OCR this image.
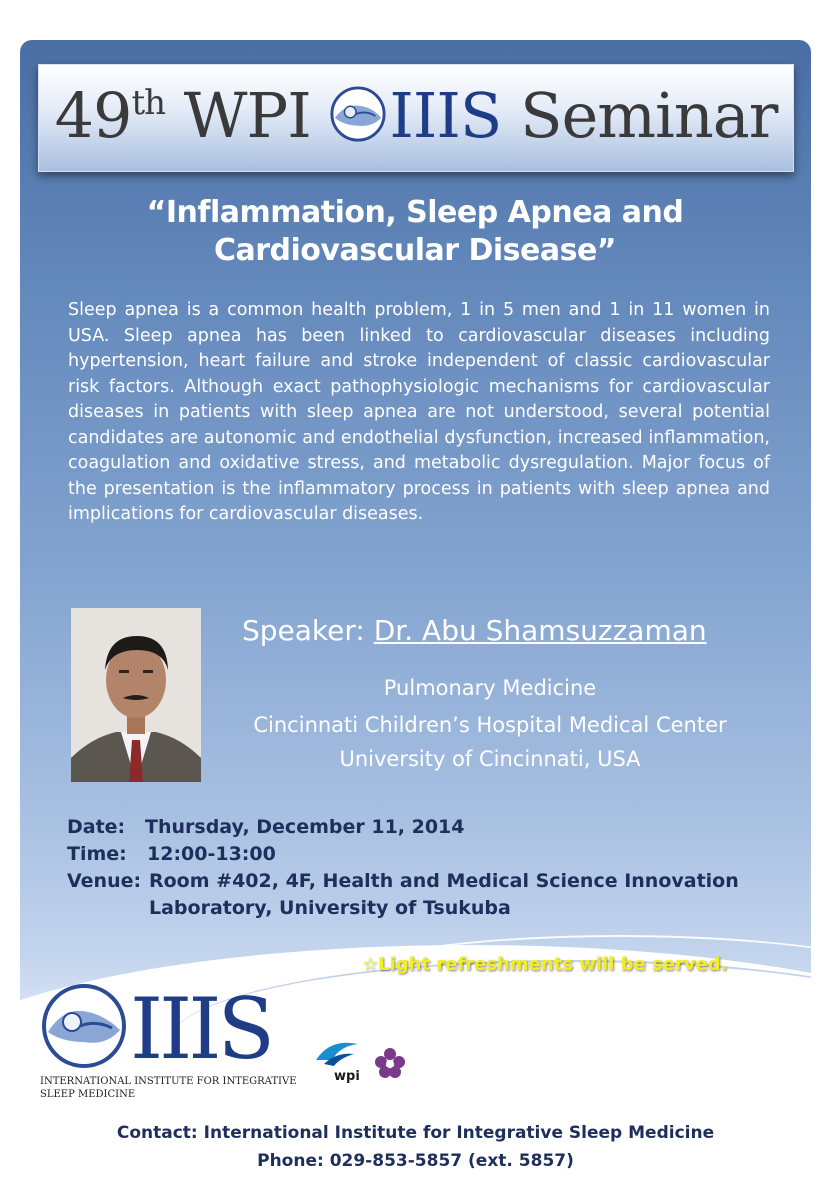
49th WPI IIIS Seminar
“Inflammation, Sleep Apnea and
Cardiovascular Disease”
Sleep apnea is a common health problem, 1 in 5 men and 1 in 11 women in USA. Sleep apnea has been linked to cardiovascular diseases including hypertension, heart failure and stroke independent of classic cardiovascular risk factors. Although exact pathophysiologic mechanisms for cardiovascular diseases in patients with sleep apnea are not understood, several potential candidates are autonomic and endothelial dysfunction, increased inflammation, coagulation and oxidative stress, and metabolic dysregulation. Major focus of the presentation is the inflammatory process in patients with sleep apnea and implications for cardiovascular diseases.
Speaker: Dr. Abu Shamsuzzaman
Pulmonary Medicine
Cincinnati Children’s Hospital Medical Center
University of Cincinnati, USA
Date: Thursday, December 11, 2014
Time: 12:00-13:00
Venue: Room #402, 4F, Health and Medical Science Innovation
Laboratory, University of Tsukuba
☆Light refreshments will be served.
IIIS
INTERNATIONAL INSTITUTE FOR INTEGRATIVE
SLEEP MEDICINE
wpi
Contact: International Institute for Integrative Sleep Medicine
Phone: 029-853-5857 (ext. 5857)
